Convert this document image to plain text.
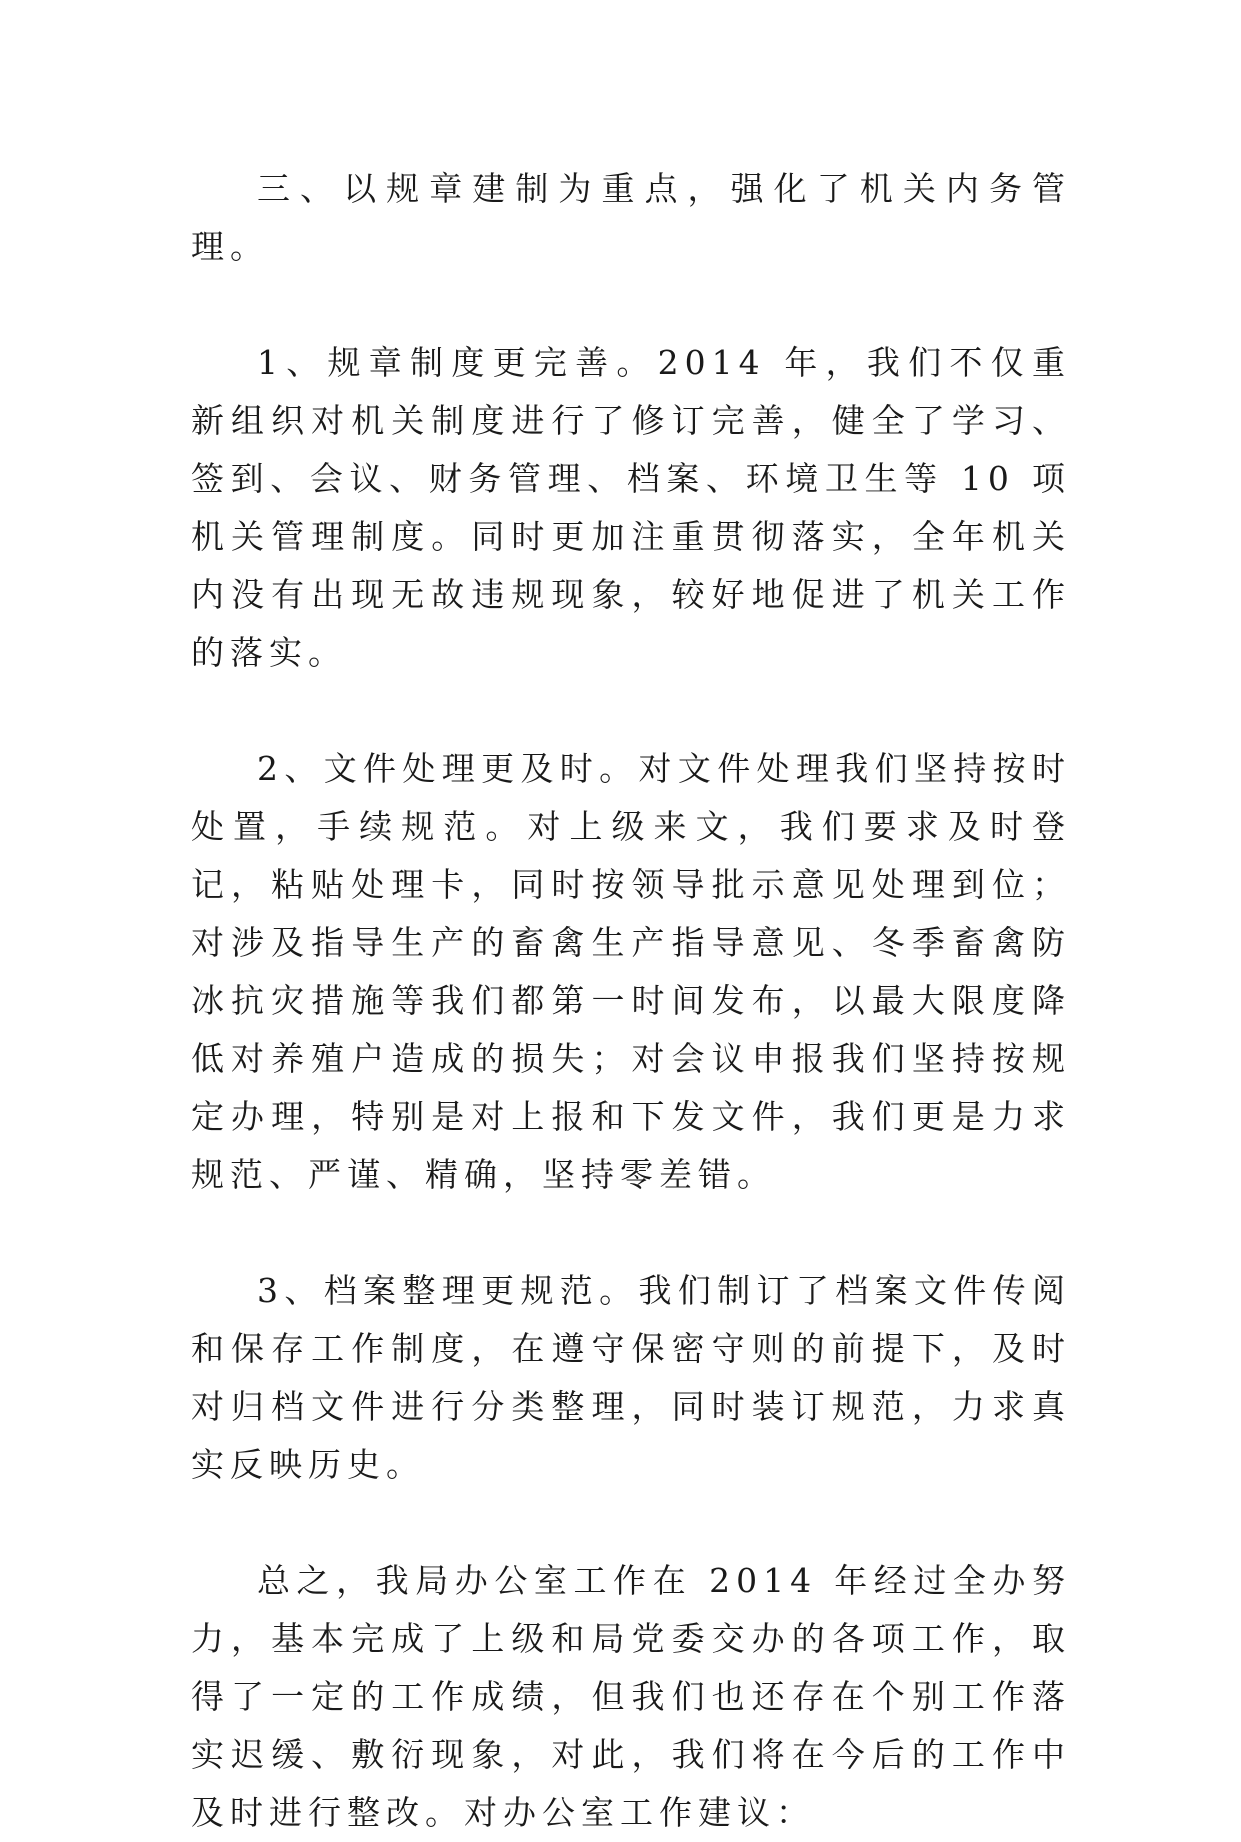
三、以规章建制为重点，强化了机关内务管理。

1、规章制度更完善。2014 年，我们不仅重新组织对机关制度进行了修订完善，健全了学习、签到、会议、财务管理、档案、环境卫生等 10 项机关管理制度。同时更加注重贯彻落实，全年机关内没有出现无故违规现象，较好地促进了机关工作的落实。

2、文件处理更及时。对文件处理我们坚持按时处置，手续规范。对上级来文，我们要求及时登记，粘贴处理卡，同时按领导批示意见处理到位；对涉及指导生产的畜禽生产指导意见、冬季畜禽防冰抗灾措施等我们都第一时间发布，以最大限度降低对养殖户造成的损失；对会议申报我们坚持按规定办理，特别是对上报和下发文件，我们更是力求规范、严谨、精确，坚持零差错。

3、档案整理更规范。我们制订了档案文件传阅和保存工作制度，在遵守保密守则的前提下，及时对归档文件进行分类整理，同时装订规范，力求真实反映历史。

总之，我局办公室工作在 2014 年经过全办努力，基本完成了上级和局党委交办的各项工作，取得了一定的工作成绩，但我们也还存在个别工作落实迟缓、敷衍现象，对此，我们将在今后的工作中及时进行整改。对办公室工作建议：
